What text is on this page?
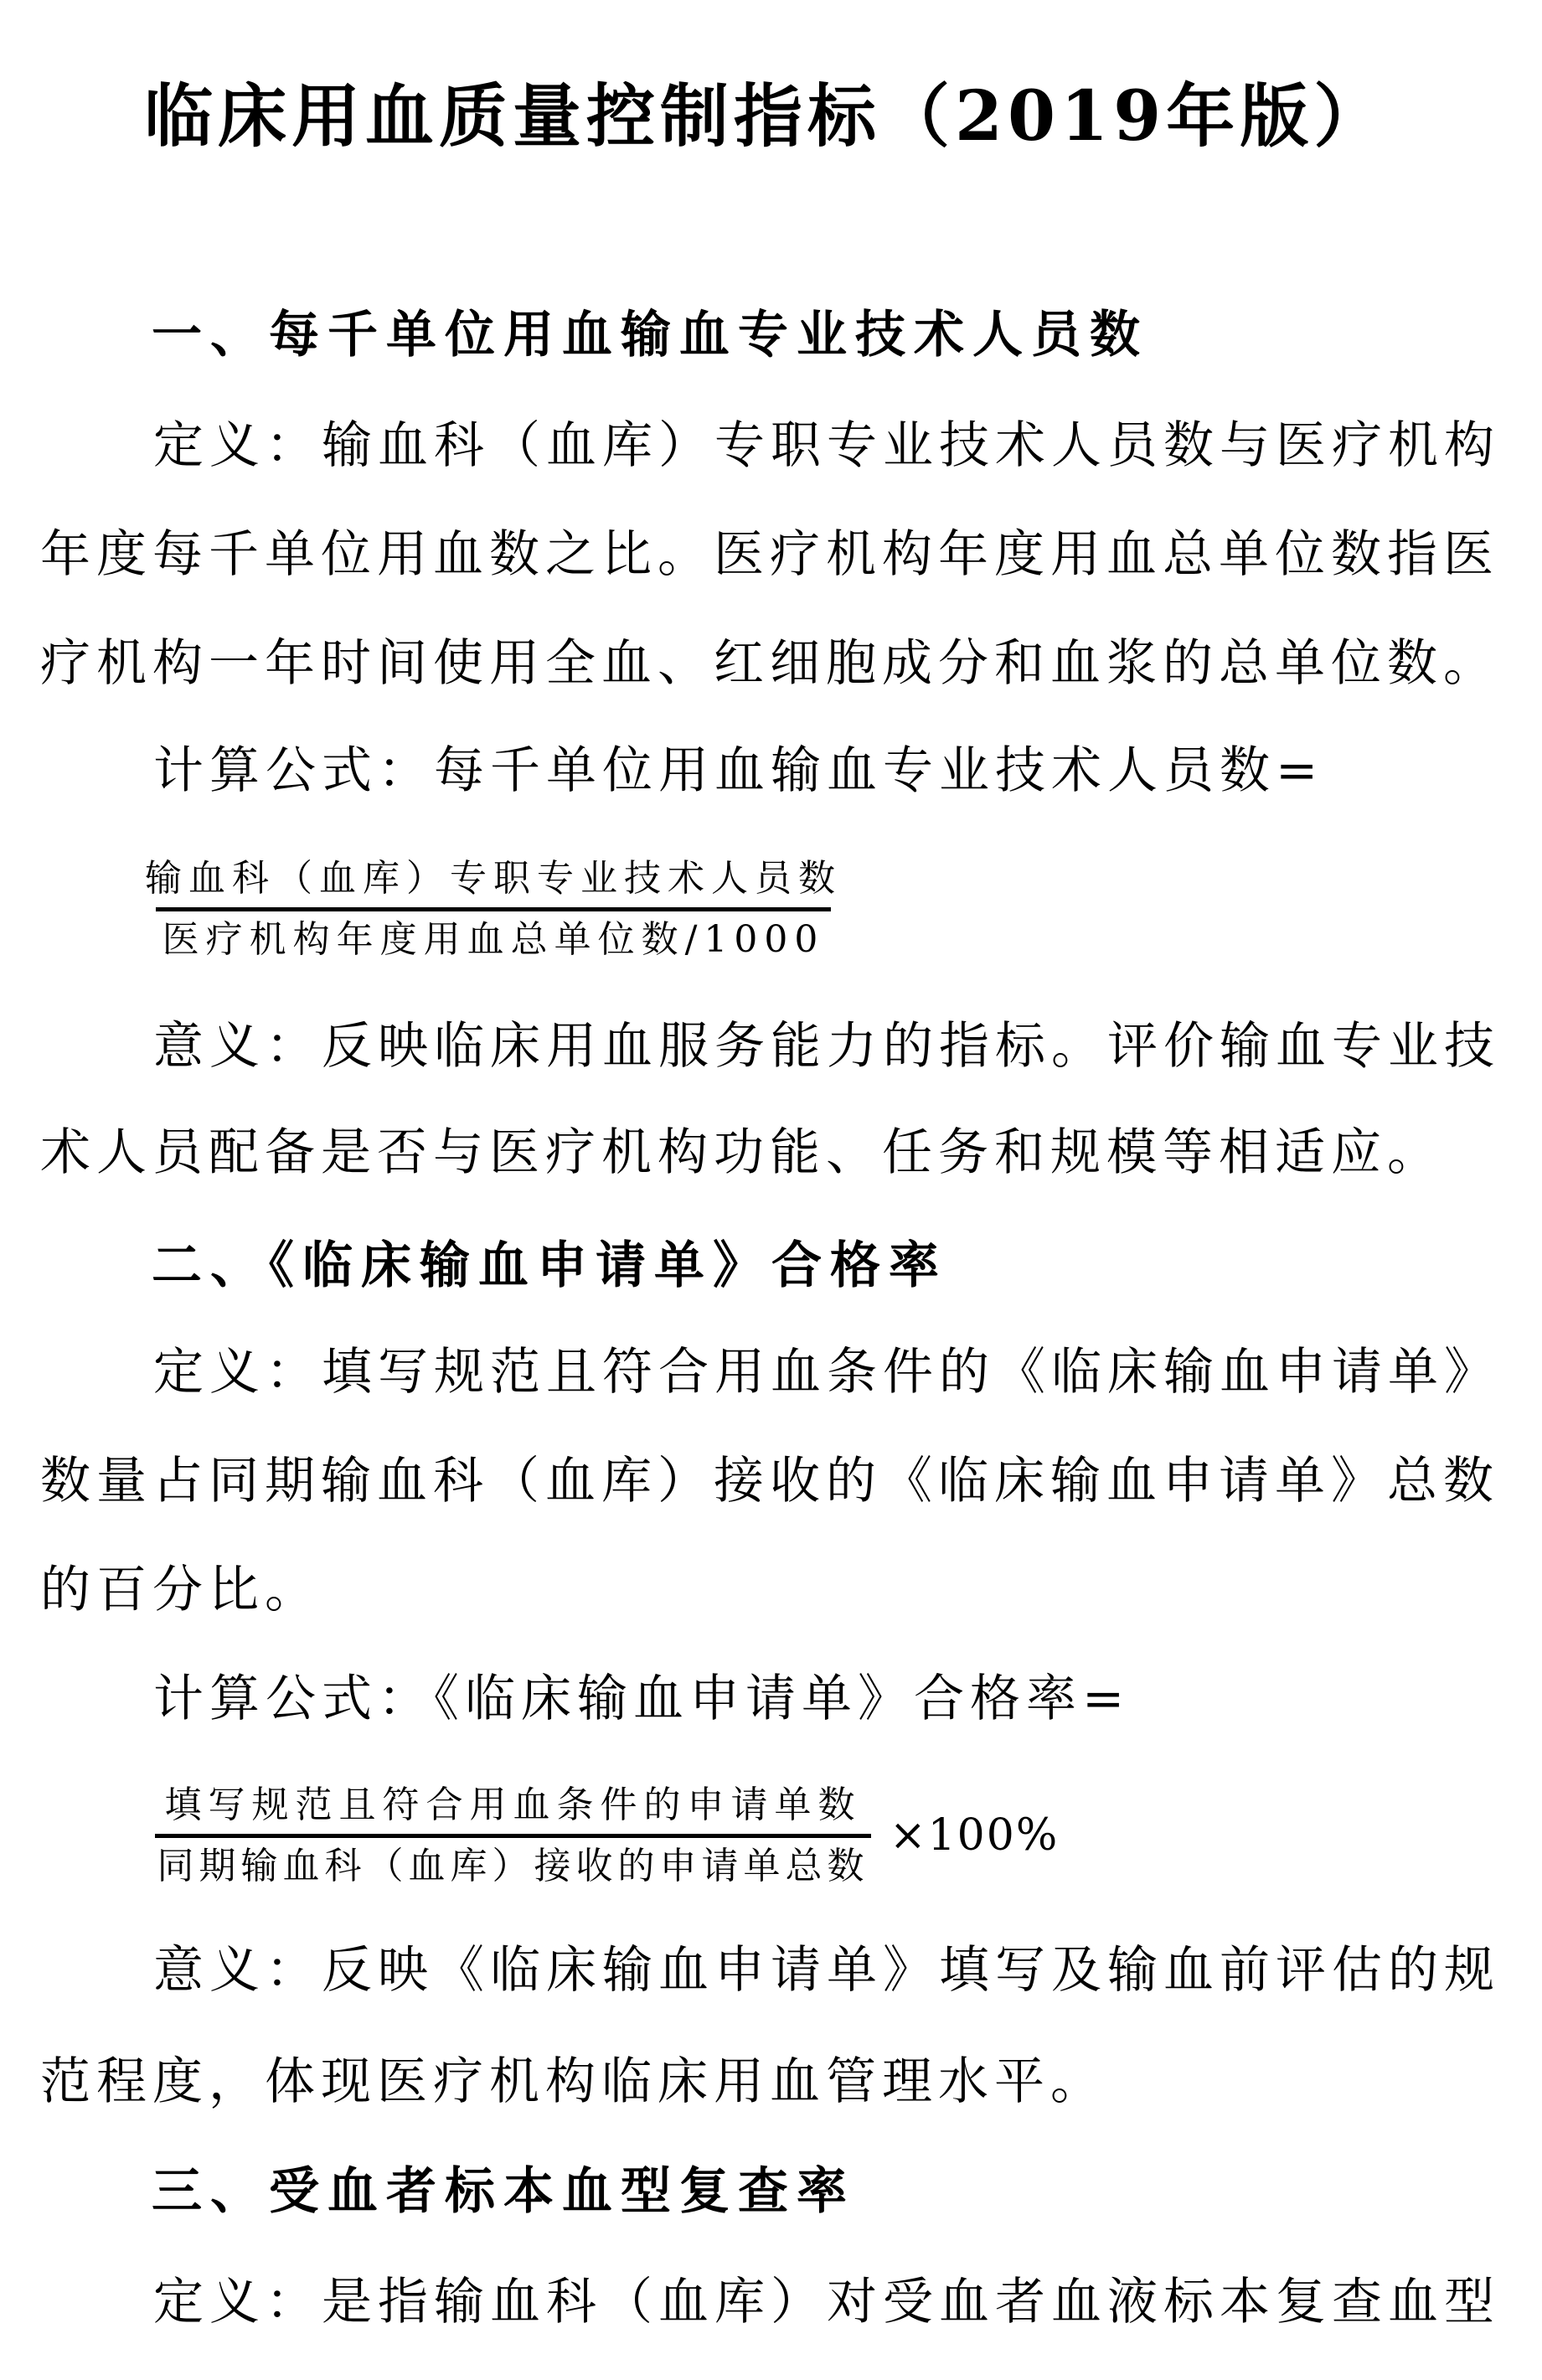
临床用血质量控制指标（2019年版）
一、每千单位用血输血专业技术人员数
定义：输血科（血库）专职专业技术人员数与医疗机构
年度每千单位用血数之比。医疗机构年度用血总单位数指医
疗机构一年时间使用全血、红细胞成分和血浆的总单位数。
计算公式：每千单位用血输血专业技术人员数=
输血科（血库）专职专业技术人员数
医疗机构年度用血总单位数/1000
意义：反映临床用血服务能力的指标。评价输血专业技
术人员配备是否与医疗机构功能、任务和规模等相适应。
二、《临床输血申请单》合格率
定义：填写规范且符合用血条件的《临床输血申请单》
数量占同期输血科（血库）接收的《临床输血申请单》总数
的百分比。
计算公式：《临床输血申请单》合格率=
填写规范且符合用血条件的申请单数
同期输血科（血库）接收的申请单总数
×100%
意义：反映《临床输血申请单》填写及输血前评估的规
范程度，体现医疗机构临床用血管理水平。
三、受血者标本血型复查率
定义：是指输血科（血库）对受血者血液标本复查血型
